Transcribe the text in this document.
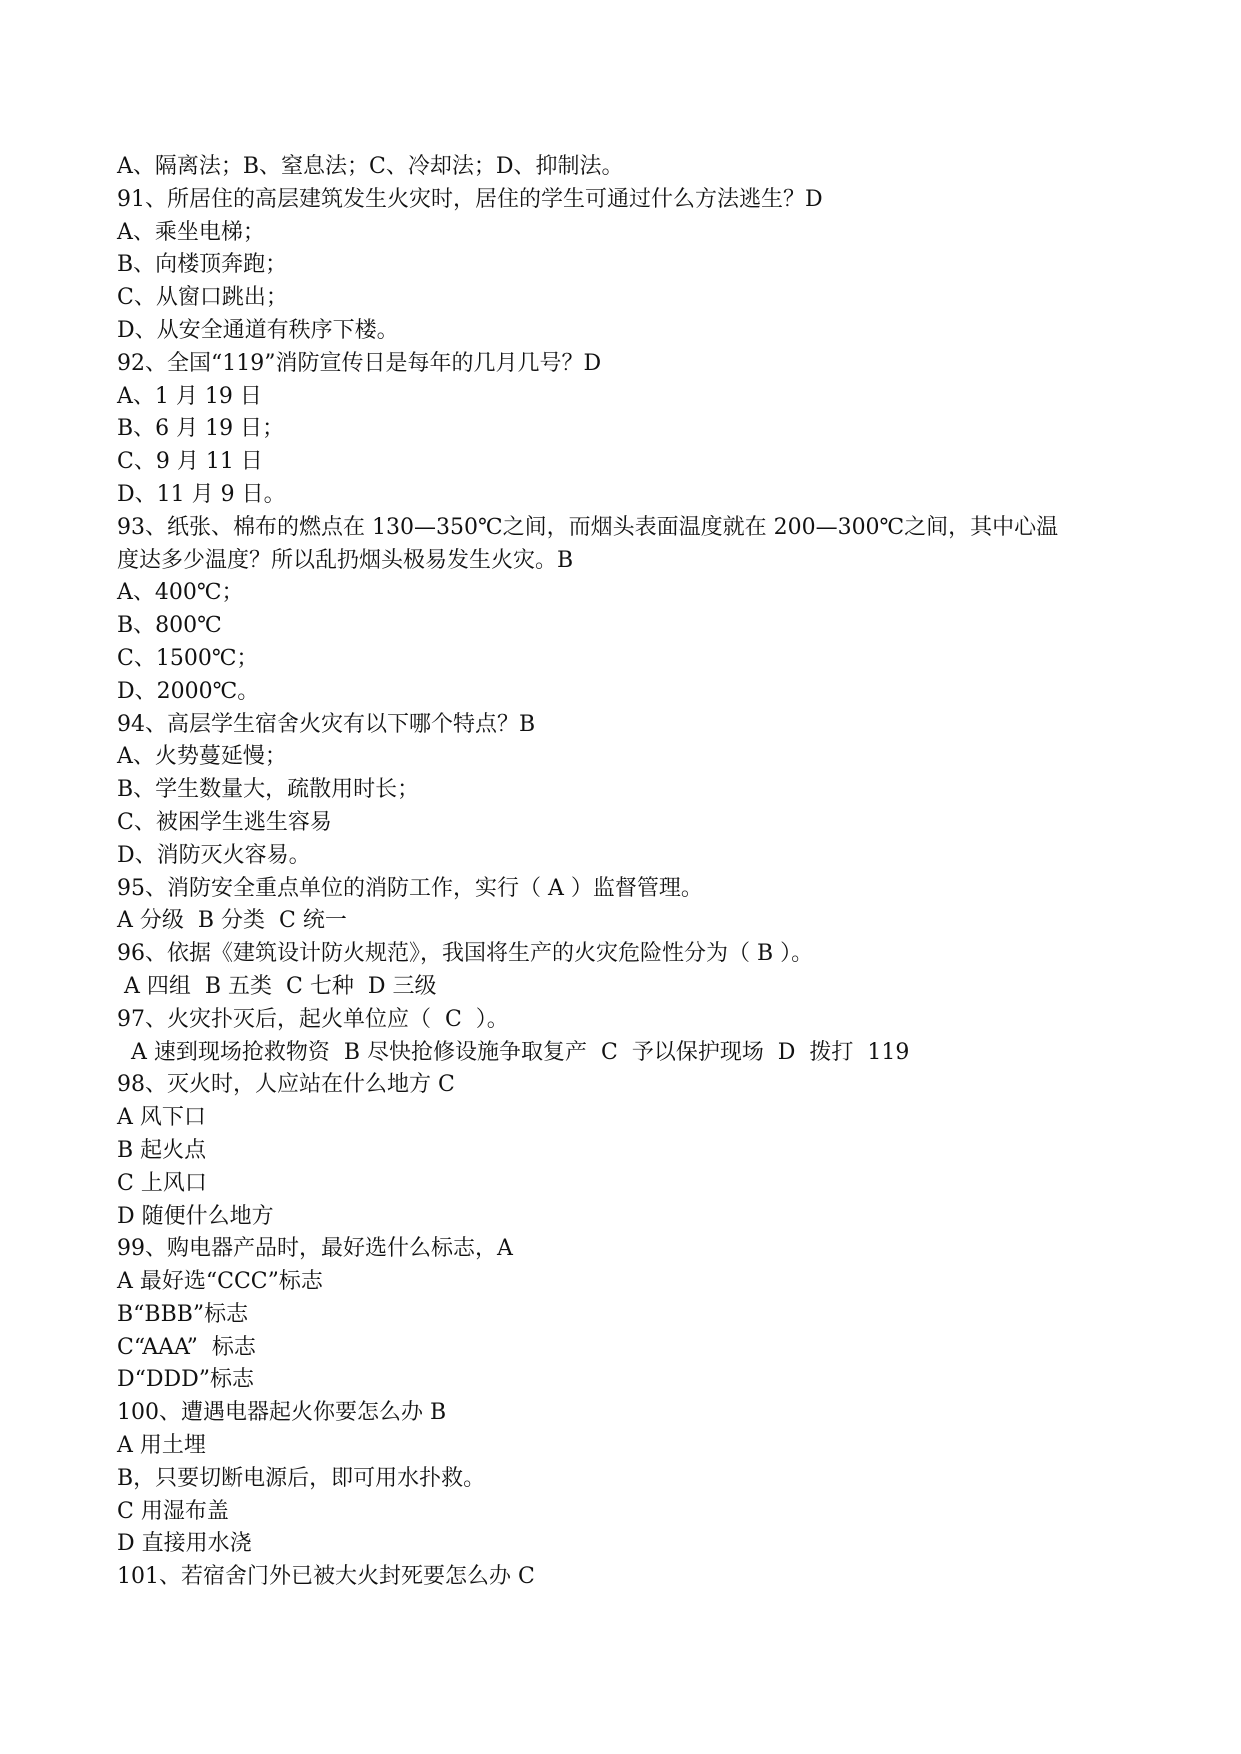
A、隔离法；B、窒息法；C、冷却法；D、抑制法。
91、所居住的高层建筑发生火灾时，居住的学生可通过什么方法逃生？D
A、乘坐电梯；
B、向楼顶奔跑；
C、从窗口跳出；
D、从安全通道有秩序下楼。
92、全国“119”消防宣传日是每年的几月几号？D
A、1 月 19 日
B、6 月 19 日；
C、9 月 11 日
D、11 月 9 日。
93、纸张、棉布的燃点在 130—350℃之间，而烟头表面温度就在 200—300℃之间，其中心温
度达多少温度？所以乱扔烟头极易发生火灾。B
A、400℃；
B、800℃
C、1500℃；
D、2000℃。
94、高层学生宿舍火灾有以下哪个特点？B
A、火势蔓延慢；
B、学生数量大，疏散用时长；
C、被困学生逃生容易
D、消防灭火容易。
95、消防安全重点单位的消防工作，实行（ A ）监督管理。
A 分级  B 分类  C 统一
96、依据《建筑设计防火规范》，我国将生产的火灾危险性分为（ B ）。
A 四组  B 五类  C 七种  D 三级
97、火灾扑灭后，起火单位应（  C  ）。
A 速到现场抢救物资  B 尽快抢修设施争取复产  C  予以保护现场  D  拨打  119
98、灭火时，人应站在什么地方 C
A 风下口
B 起火点
C 上风口
D 随便什么地方
99、购电器产品时，最好选什么标志，A
A 最好选“CCC”标志
B“BBB”标志
C“AAA”  标志
D“DDD”标志
100、遭遇电器起火你要怎么办 B
A 用土埋
B，只要切断电源后，即可用水扑救。
C 用湿布盖
D 直接用水浇
101、若宿舍门外已被大火封死要怎么办 C
